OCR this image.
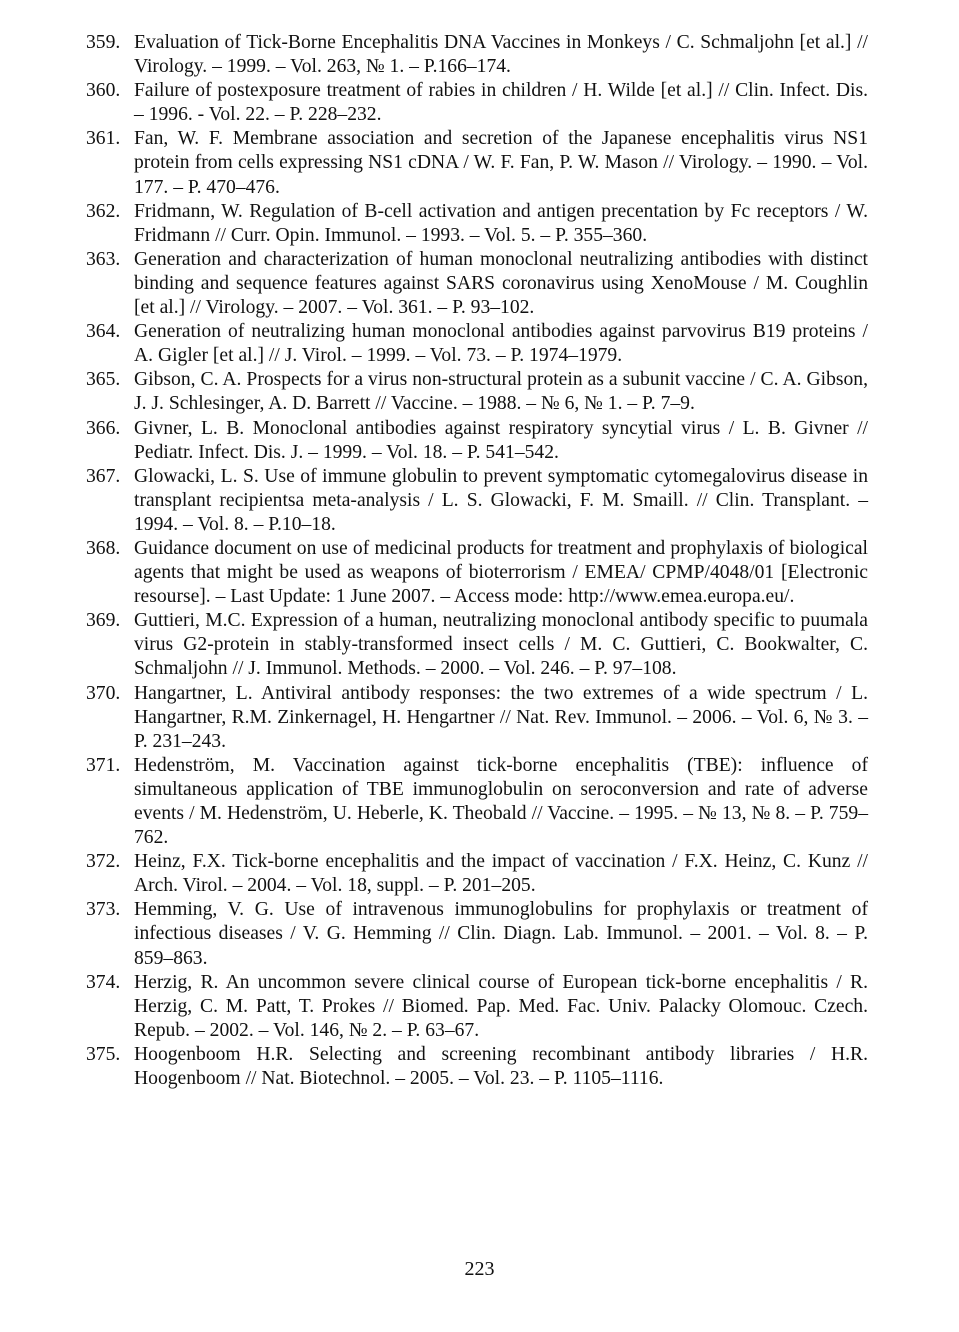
359. Evaluation of Tick-Borne Encephalitis DNA Vaccines in Monkeys / C. Schmaljohn [et al.] // Virology. – 1999. – Vol. 263, № 1. – P.166–174.
360. Failure of postexposure treatment of rabies in children / H. Wilde [et al.] // Clin. Infect. Dis. – 1996. - Vol. 22. – P. 228–232.
361. Fan, W. F. Membrane association and secretion of the Japanese encephalitis virus NS1 protein from cells expressing NS1 cDNA / W. F. Fan, P. W. Mason // Virology. – 1990. – Vol. 177. – P. 470–476.
362. Fridmann, W. Regulation of B-cell activation and antigen precentation by Fc receptors / W. Fridmann // Curr. Opin. Immunol. – 1993. – Vol. 5. – P. 355–360.
363. Generation and characterization of human monoclonal neutralizing antibodies with distinct binding and sequence features against SARS coronavirus using XenoMouse / M. Coughlin [et al.] // Virology. – 2007. – Vol. 361. – P. 93–102.
364. Generation of neutralizing human monoclonal antibodies against parvovirus B19 proteins / A. Gigler [et al.] // J. Virol. – 1999. – Vol. 73. – P. 1974–1979.
365. Gibson, C. A. Prospects for a virus non-structural protein as a subunit vaccine / C. A. Gibson, J. J. Schlesinger, A. D. Barrett // Vaccine. – 1988. – № 6, № 1. – P. 7–9.
366. Givner, L. B. Monoclonal antibodies against respiratory syncytial virus / L. B. Givner // Pediatr. Infect. Dis. J. – 1999. – Vol. 18. – P. 541–542.
367. Glowacki, L. S. Use of immune globulin to prevent symptomatic cytomegalovirus disease in transplant recipientsa meta-analysis / L. S. Glowacki, F. M. Smaill. // Clin. Transplant. – 1994. – Vol. 8. – P.10–18.
368. Guidance document on use of medicinal products for treatment and prophylaxis of biological agents that might be used as weapons of bioterrorism / EMEA/ CPMP/4048/01 [Electronic resourse]. – Last Update: 1 June 2007. – Access mode: http://www.emea.europa.eu/.
369. Guttieri, M.C. Expression of a human, neutralizing monoclonal antibody specific to puumala virus G2-protein in stably-transformed insect cells / M. C. Guttieri, C. Bookwalter, C. Schmaljohn // J. Immunol. Methods. – 2000. – Vol. 246. – P. 97–108.
370. Hangartner, L. Antiviral antibody responses: the two extremes of a wide spectrum / L. Hangartner, R.M. Zinkernagel, H. Hengartner // Nat. Rev. Immunol. – 2006. – Vol. 6, № 3. – P. 231–243.
371. Hedenström, M. Vaccination against tick-borne encephalitis (TBE): influence of simultaneous application of TBE immunoglobulin on seroconversion and rate of adverse events / M. Hedenström, U. Heberle, K. Theobald // Vaccine. – 1995. – № 13, № 8. – P. 759–762.
372. Heinz, F.X. Tick-borne encephalitis and the impact of vaccination / F.X. Heinz, C. Kunz // Arch. Virol. – 2004. – Vol. 18, suppl. – P. 201–205.
373. Hemming, V. G. Use of intravenous immunoglobulins for prophylaxis or treatment of infectious diseases / V. G. Hemming // Clin. Diagn. Lab. Immunol. – 2001. – Vol. 8. – P. 859–863.
374. Herzig, R. An uncommon severe clinical course of European tick-borne encephalitis / R. Herzig, C. M. Patt, T. Prokes // Biomed. Pap. Med. Fac. Univ. Palacky Olomouc. Czech. Repub. – 2002. – Vol. 146, № 2. – P. 63–67.
375. Hoogenboom H.R. Selecting and screening recombinant antibody libraries / H.R. Hoogenboom // Nat. Biotechnol. – 2005. – Vol. 23. – P. 1105–1116.
223
